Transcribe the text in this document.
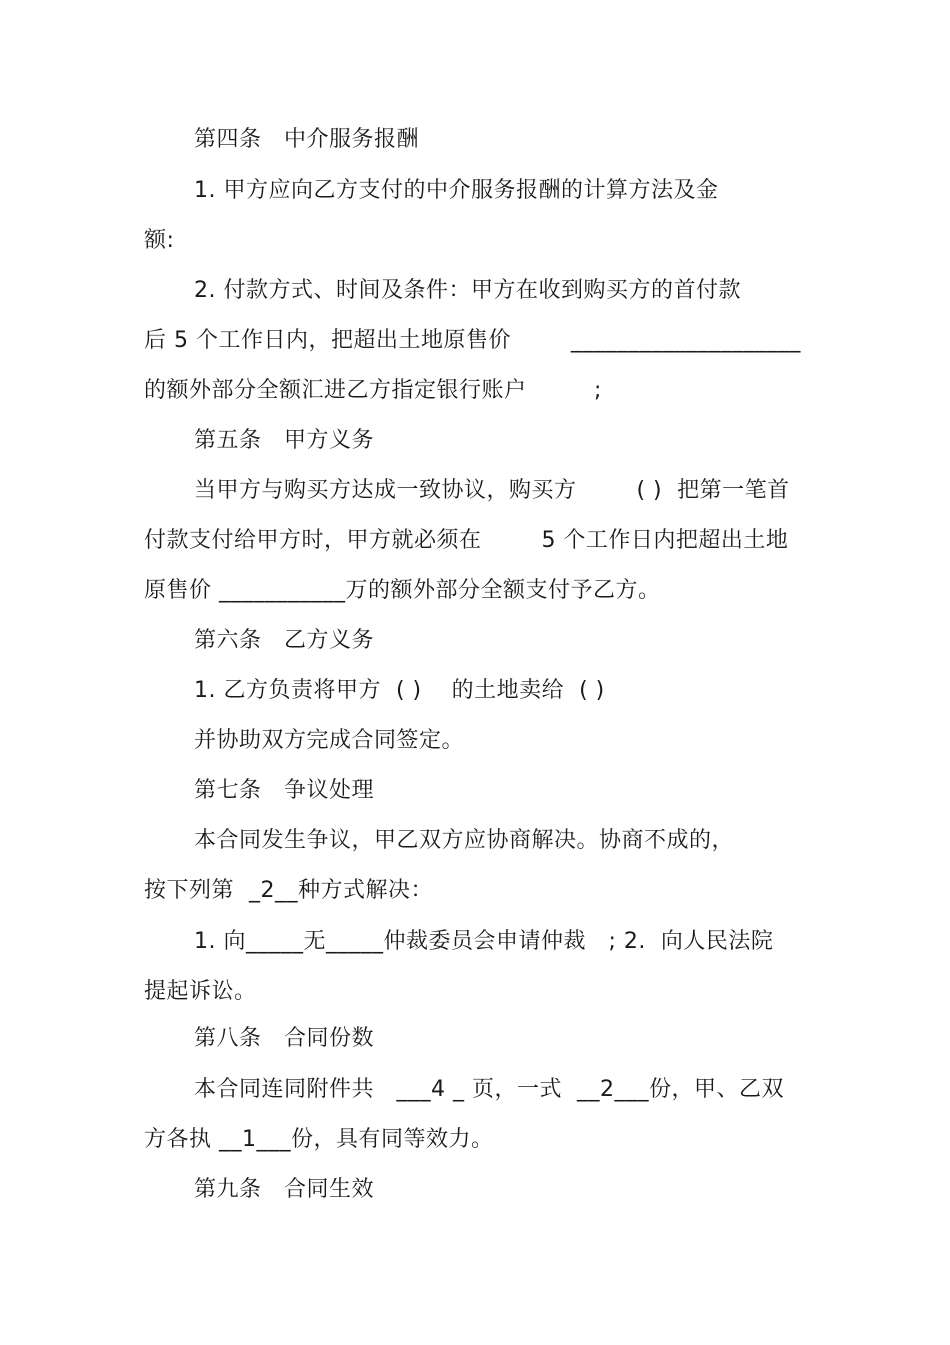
第四条   中介服务报酬
1. 甲方应向乙方支付的中介服务报酬的计算方法及金
额:
2. 付款方式、时间及条件：甲方在收到购买方的首付款
后 5 个工作日内，把超出土地原售价        ____________________
的额外部分全额汇进乙方指定银行账户         ;
第五条   甲方义务
当甲方与购买方达成一致协议，购买方        ( )  把第一笔首
付款支付给甲方时，甲方就必须在        5 个工作日内把超出土地
原售价 ___________万的额外部分全额支付予乙方。
第六条   乙方义务
1. 乙方负责将甲方  ( )    的土地卖给  ( )
并协助双方完成合同签定。
第七条   争议处理
本合同发生争议，甲乙双方应协商解决。协商不成的，
按下列第  _2__种方式解决：
1. 向_____无_____仲裁委员会申请仲裁   ; 2.  向人民法院
提起诉讼。
第八条   合同份数
本合同连同附件共   ___4 _ 页，一式  __2___份，甲、乙双
方各执 __1___份，具有同等效力。
第九条   合同生效
